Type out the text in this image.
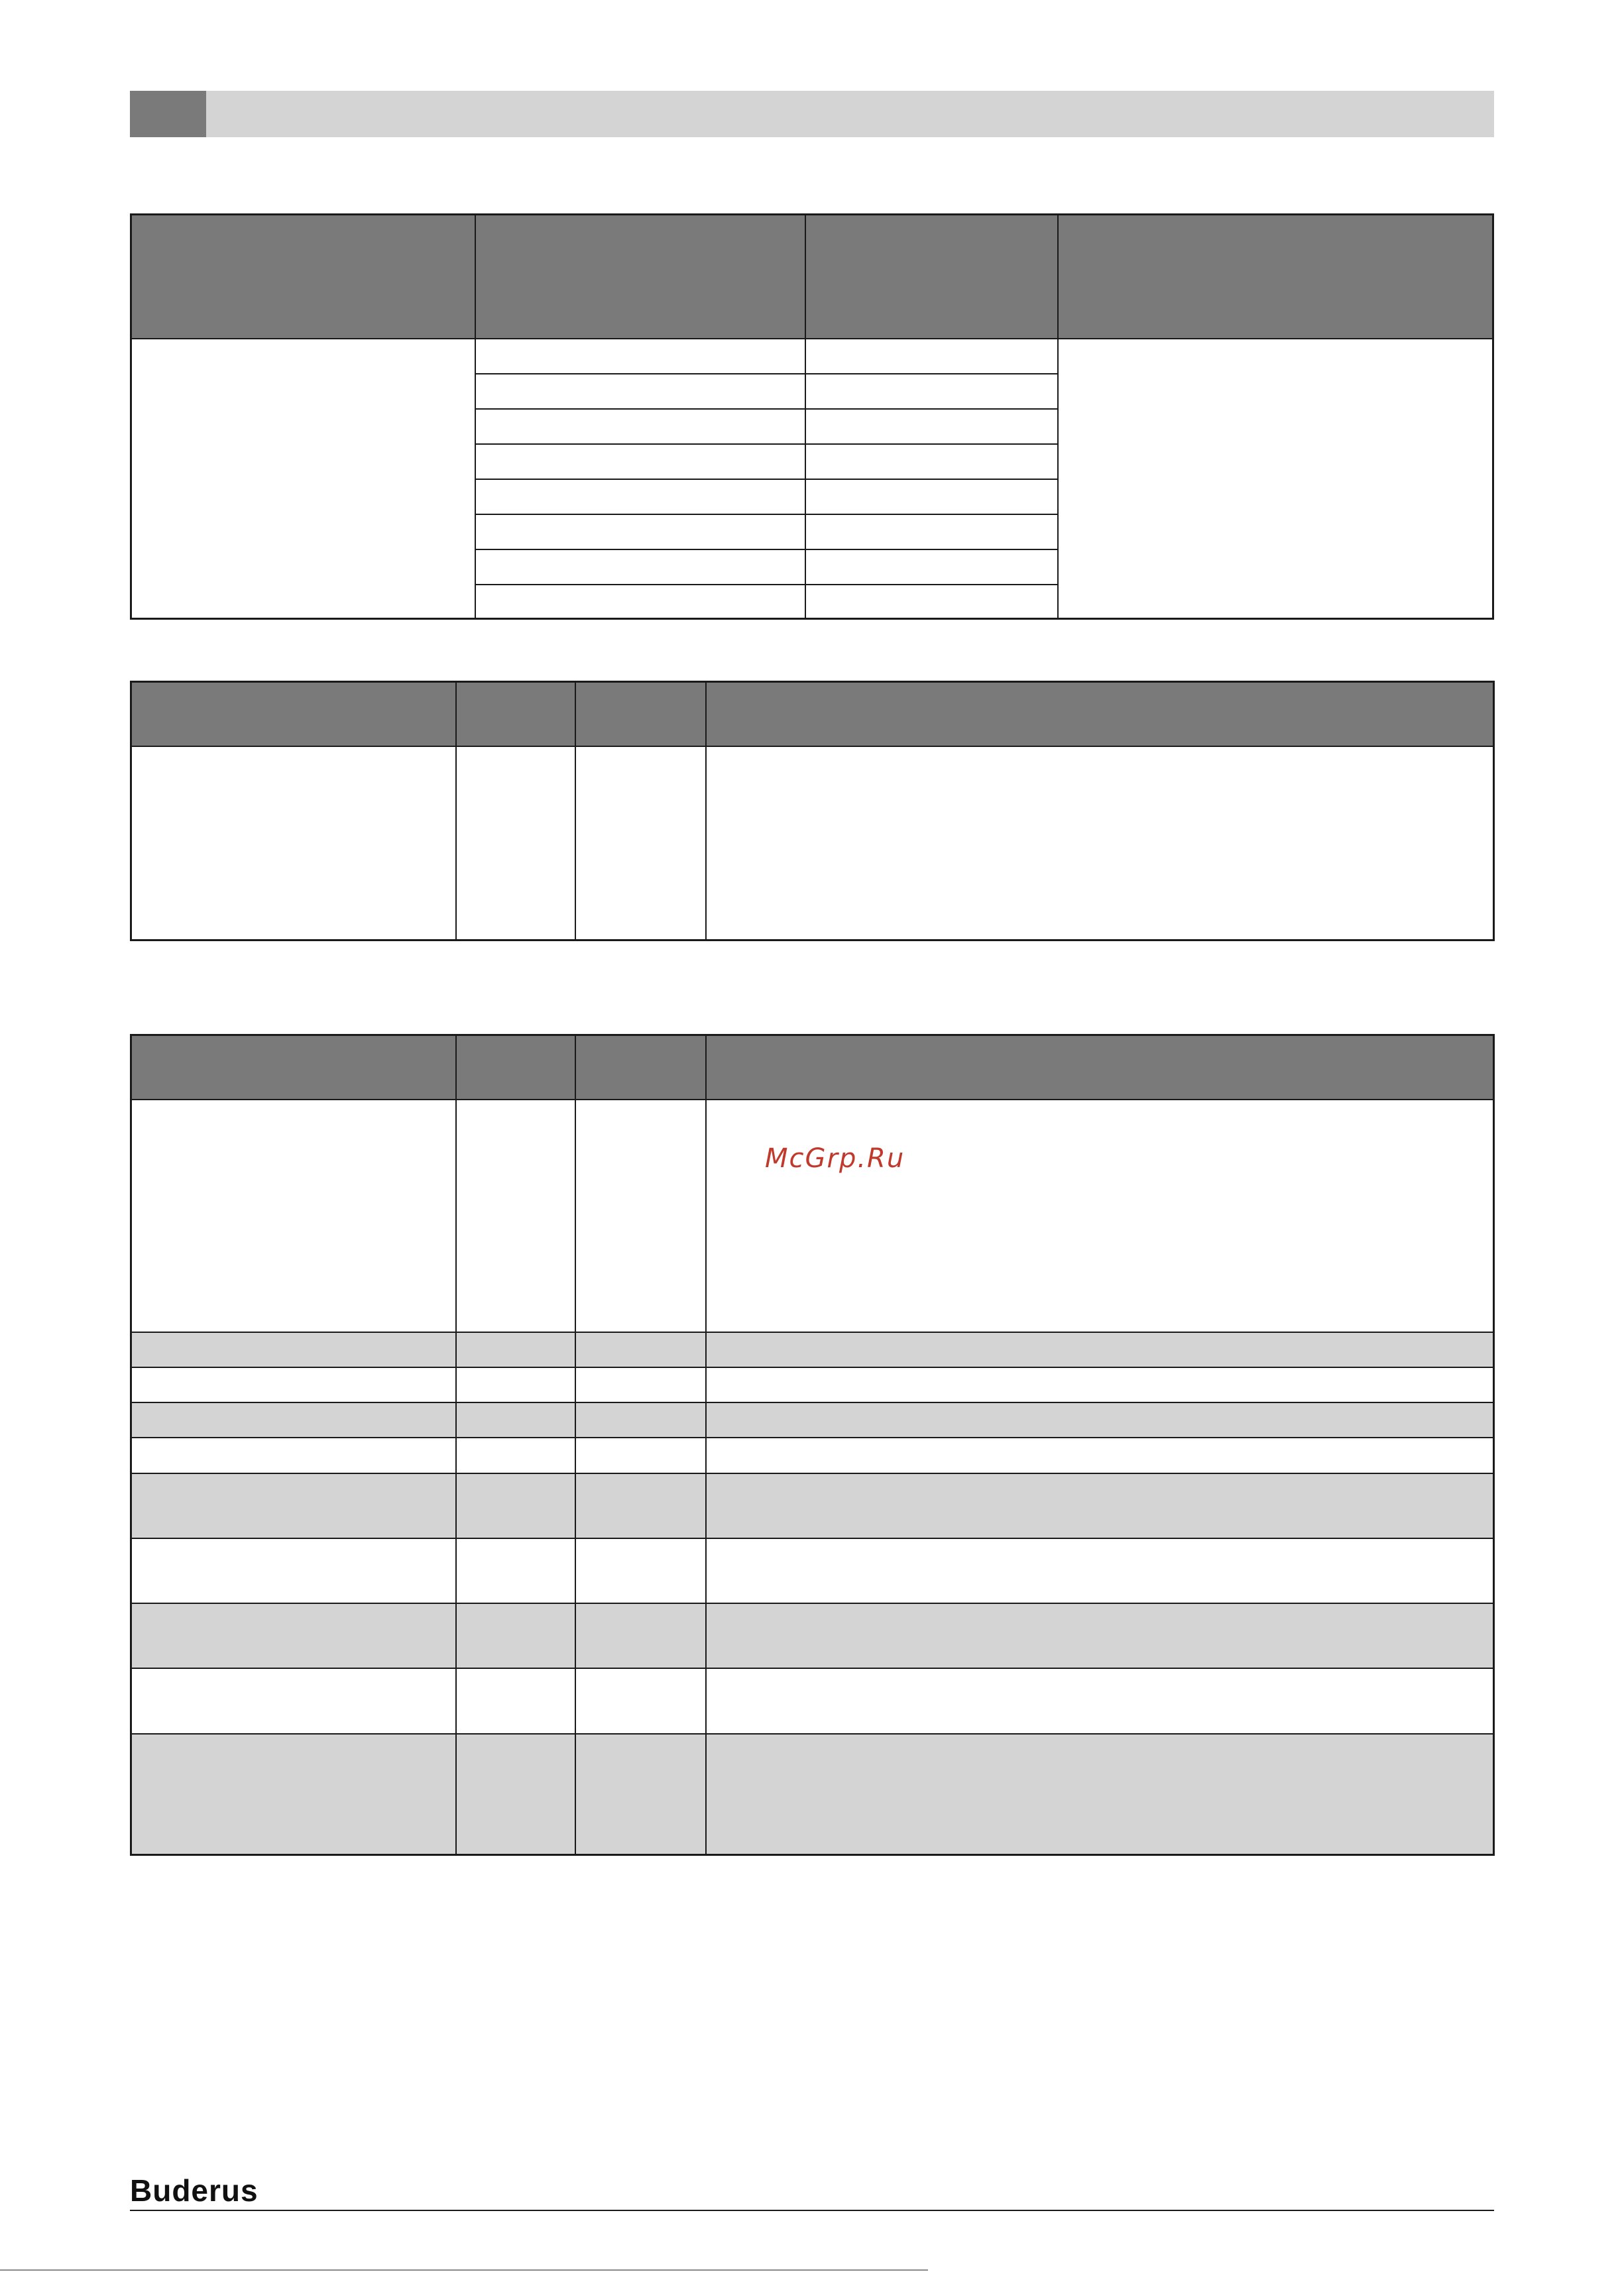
McGrp.Ru
Buderus
